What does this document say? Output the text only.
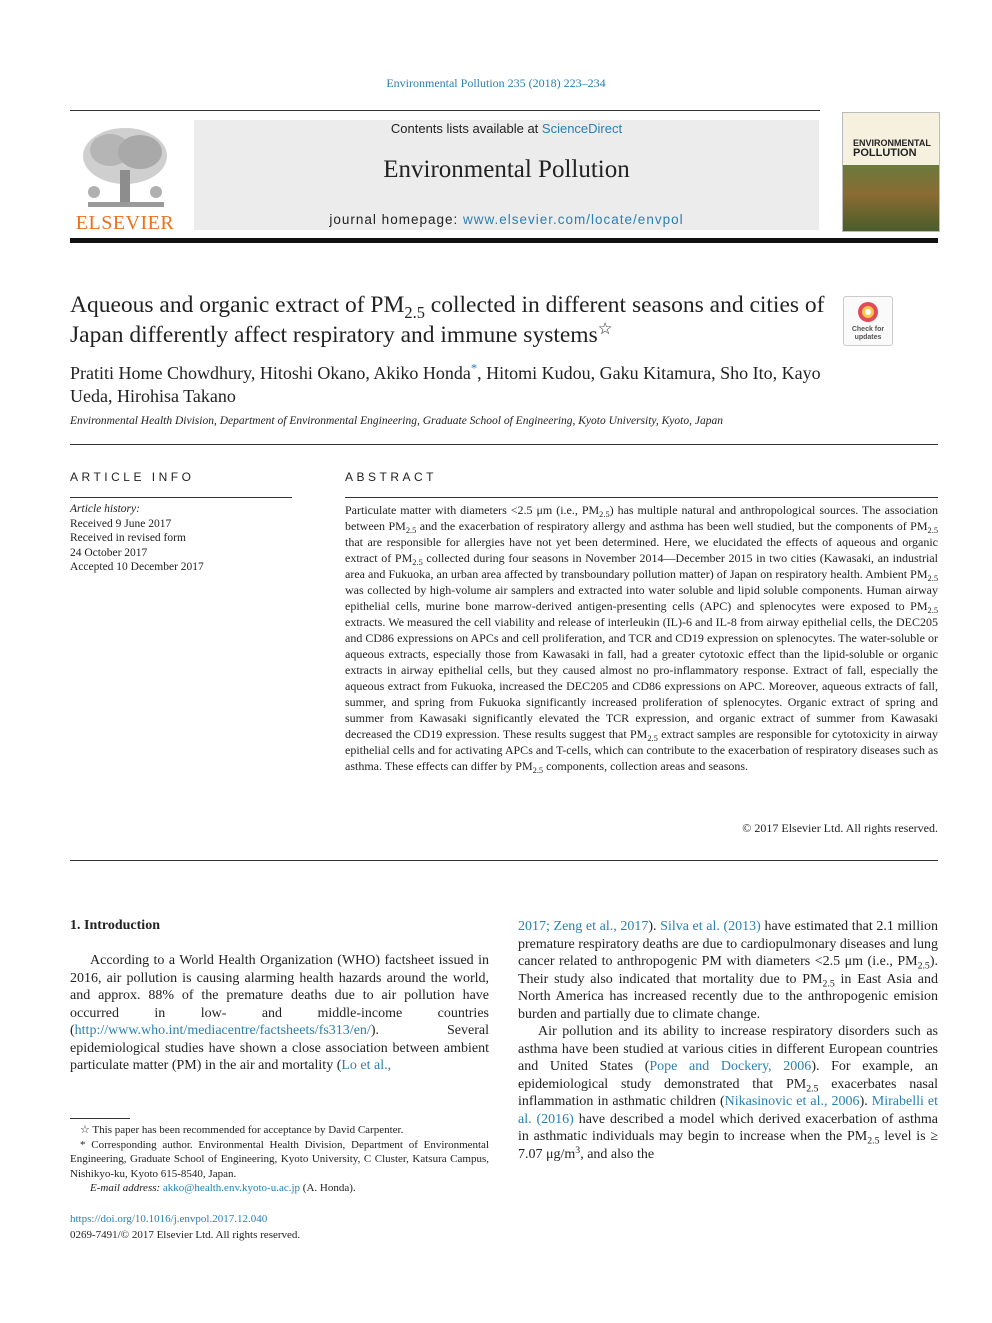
Environmental Pollution 235 (2018) 223–234
ELSEVIER
Contents lists available at ScienceDirect
Environmental Pollution
journal homepage: www.elsevier.com/locate/envpol
ENVIRONMENTAL
POLLUTION
Aqueous and organic extract of $PM_{2.5}$ collected in different seasons and cities of Japan differently affect respiratory and immune systems☆	Check for
updates
Pratiti Home Chowdhury, Hitoshi Okano, Akiko Honda*, Hitomi Kudou, Gaku Kitamura, Sho Ito, Kayo Ueda, Hirohisa Takano
Environmental Health Division, Department of Environmental Engineering, Graduate School of Engineering, Kyoto University, Kyoto, Japan
ARTICLE INFO
Article history:
Received 9 June 2017
Received in revised form
24 October 2017
Accepted 10 December 2017
ABSTRACT
Particulate matter with diameters <2.5 μm (i.e., $PM_{2.5}$) has multiple natural and anthropological sources. The association between $PM_{2.5}$ and the exacerbation of respiratory allergy and asthma has been well studied, but the components of $PM_{2.5}$ that are responsible for allergies have not yet been determined. Here, we elucidated the effects of aqueous and organic extract of $PM_{2.5}$ collected during four seasons in November 2014—December 2015 in two cities (Kawasaki, an industrial area and Fukuoka, an urban area affected by transboundary pollution matter) of Japan on respiratory health. Ambient $PM_{2.5}$ was collected by high-volume air samplers and extracted into water soluble and lipid soluble components. Human airway epithelial cells, murine bone marrow-derived antigen-presenting cells (APC) and splenocytes were exposed to $PM_{2.5}$ extracts. We measured the cell viability and release of interleukin (IL)-6 and IL-8 from airway epithelial cells, the DEC205 and CD86 expressions on APCs and cell proliferation, and TCR and CD19 expression on splenocytes. The water-soluble or aqueous extracts, especially those from Kawasaki in fall, had a greater cytotoxic effect than the lipid-soluble or organic extracts in airway epithelial cells, but they caused almost no pro-inflammatory response. Extract of fall, especially the aqueous extract from Fukuoka, increased the DEC205 and CD86 expressions on APC. Moreover, aqueous extracts of fall, summer, and spring from Fukuoka significantly increased proliferation of splenocytes. Organic extract of spring and summer from Kawasaki significantly elevated the TCR expression, and organic extract of summer from Kawasaki decreased the CD19 expression. These results suggest that $PM_{2.5}$ extract samples are responsible for cytotoxicity in airway epithelial cells and for activating APCs and T-cells, which can contribute to the exacerbation of respiratory diseases such as asthma. These effects can differ by $PM_{2.5}$ components, collection areas and seasons.
© 2017 Elsevier Ltd. All rights reserved.
1. Introduction
According to a World Health Organization (WHO) factsheet issued in 2016, air pollution is causing alarming health hazards around the world, and approx. 88% of the premature deaths due to air pollution have occurred in low- and middle-income countries (http://www.who.int/mediacentre/factsheets/fs313/en/). Several epidemiological studies have shown a close association between ambient particulate matter (PM) in the air and mortality (Lo et al.,
2017; Zeng et al., 2017). Silva et al. (2013) have estimated that 2.1 million premature respiratory deaths are due to cardiopulmonary diseases and lung cancer related to anthropogenic PM with diameters <2.5 μm (i.e., $PM_{2.5}$). Their study also indicated that mortality due to $PM_{2.5}$ in East Asia and North America has increased recently due to the anthropogenic emision burden and partially due to climate change.
Air pollution and its ability to increase respiratory disorders such as asthma have been studied at various cities in different European countries and United States (Pope and Dockery, 2006). For example, an epidemiological study demonstrated that $PM_{2.5}$ exacerbates nasal inflammation in asthmatic children (Nikasinovic et al., 2006). Mirabelli et al. (2016) have described a model which derived exacerbation of asthma in asthmatic individuals may begin to increase when the $PM_{2.5}$ level is ≥ 7.07 $\mu g/m^3$, and also the
☆ This paper has been recommended for acceptance by David Carpenter.
* Corresponding author. Environmental Health Division, Department of Environmental Engineering, Graduate School of Engineering, Kyoto University, C Cluster, Katsura Campus, Nishikyo-ku, Kyoto 615-8540, Japan.
E-mail address: akko@health.env.kyoto-u.ac.jp (A. Honda).
https://doi.org/10.1016/j.envpol.2017.12.040
0269-7491/© 2017 Elsevier Ltd. All rights reserved.
